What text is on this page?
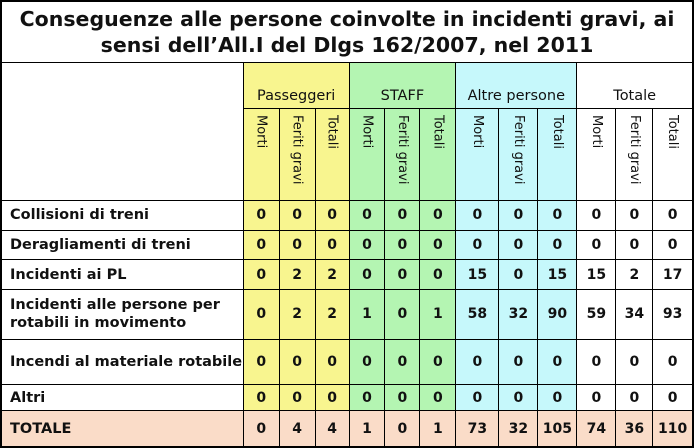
Conseguenze alle persone coinvolte in incidenti gravi, ai
sensi dell’All.I del Dlgs 162/2007, nel 2011
	Passeggeri			STAFF			Altre persone			Totale		

	Morti	Feriti gravi	Totali	Morti	Feriti gravi	Totali	Morti	Feriti gravi	Totali	Morti	Feriti gravi	Totali

Collisioni di treni	0	0	0	0	0	0	0	0	0	0	0	0
Deragliamenti di treni	0	0	0	0	0	0	0	0	0	0	0	0
Incidenti ai PL	0	2	2	0	0	0	15	0	15	15	2	17
Incidenti alle persone per rotabili in movimento	0	2	2	1	0	1	58	32	90	59	34	93
Incendi al materiale rotabile	0	0	0	0	0	0	0	0	0	0	0	0
Altri	0	0	0	0	0	0	0	0	0	0	0	0
TOTALE	0	4	4	1	0	1	73	32	105	74	36	110
